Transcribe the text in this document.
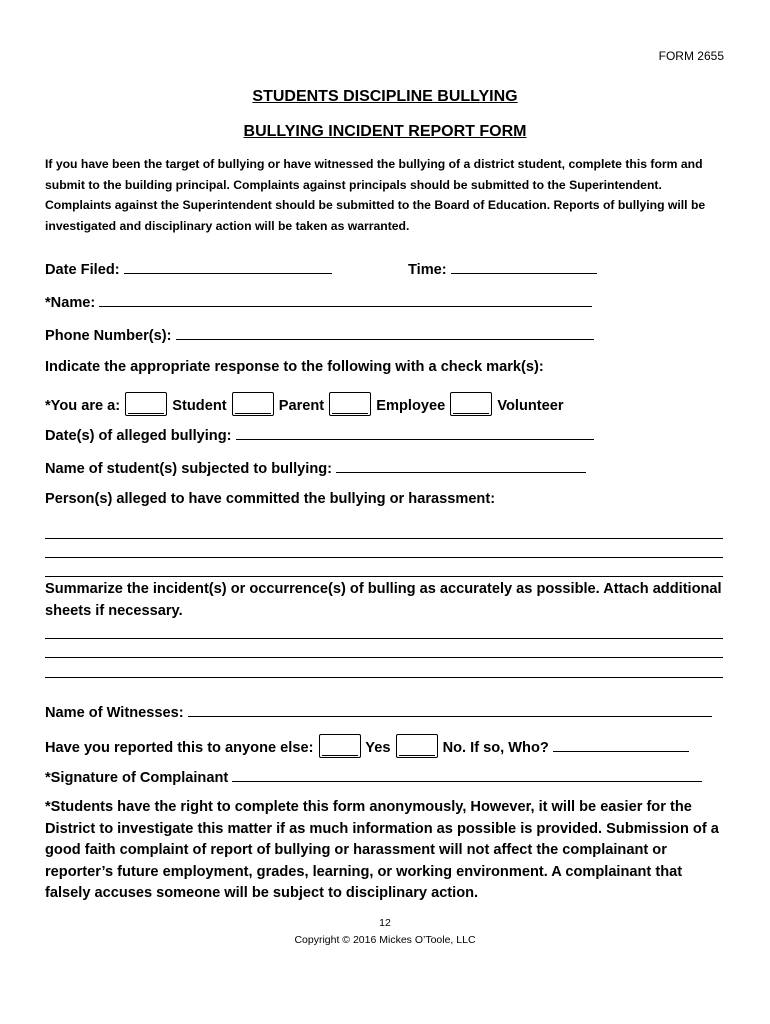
FORM 2655
STUDENTS DISCIPLINE BULLYING
BULLYING INCIDENT REPORT FORM
If you have been the target of bullying or have witnessed the bullying of a district student, complete this form and submit to the building principal. Complaints against principals should be submitted to the Superintendent. Complaints against the Superintendent should be submitted to the Board of Education. Reports of bullying will be investigated and disciplinary action will be taken as warranted.
Date Filed:	Time:
*Name:
Phone Number(s):
Indicate the appropriate response to the following with a check mark(s):
*You are a:	Student	Parent	Employee	Volunteer
Date(s) of alleged bullying:
Name of student(s) subjected to bullying:
Person(s) alleged to have committed the bullying or harassment:
Summarize the incident(s) or occurrence(s) of bulling as accurately as possible. Attach additional sheets if necessary.
Name of Witnesses:
Have you reported this to anyone else:	Yes	No. If so, Who?
*Signature of Complainant
*Students have the right to complete this form anonymously, However, it will be easier for the District to investigate this matter if as much information as possible is provided. Submission of a good faith complaint of report of bullying or harassment will not affect the complainant or reporter’s future employment, grades, learning, or working environment. A complainant that falsely accuses someone will be subject to disciplinary action.
12
Copyright © 2016 Mickes O’Toole, LLC
